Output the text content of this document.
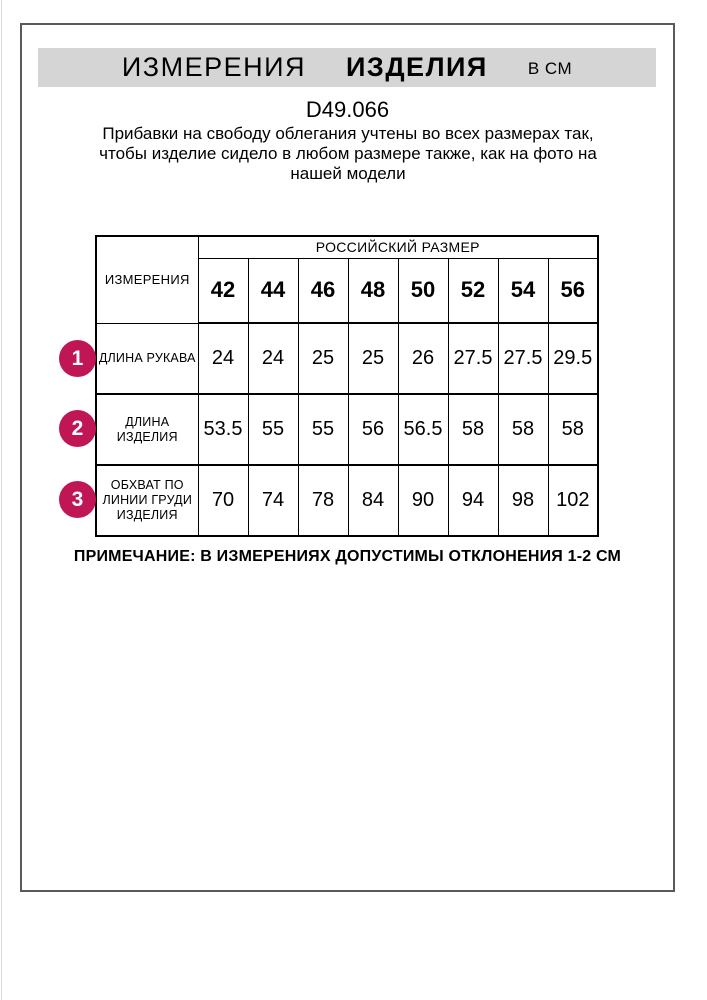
ИЗМЕРЕНИЯ ИЗДЕЛИЯ В СМ
D49.066
Прибавки на свободу облегания учтены во всех размерах так, чтобы изделие сидело в любом размере также, как на фото на нашей модели
ИЗМЕРЕНИЯ	РОССИЙСКИЙ РАЗМЕР							
	42	44	46	48	50	52	54	56
ДЛИНА РУКАВА	24	24	25	25	26	27.5	27.5	29.5
ДЛИНА ИЗДЕЛИЯ	53.5	55	55	56	56.5	58	58	58
ОБХВАТ ПО ЛИНИИ ГРУДИ ИЗДЕЛИЯ	70	74	78	84	90	94	98	102
1
2
3
ПРИМЕЧАНИЕ: В ИЗМЕРЕНИЯХ ДОПУСТИМЫ ОТКЛОНЕНИЯ 1-2 СМ
